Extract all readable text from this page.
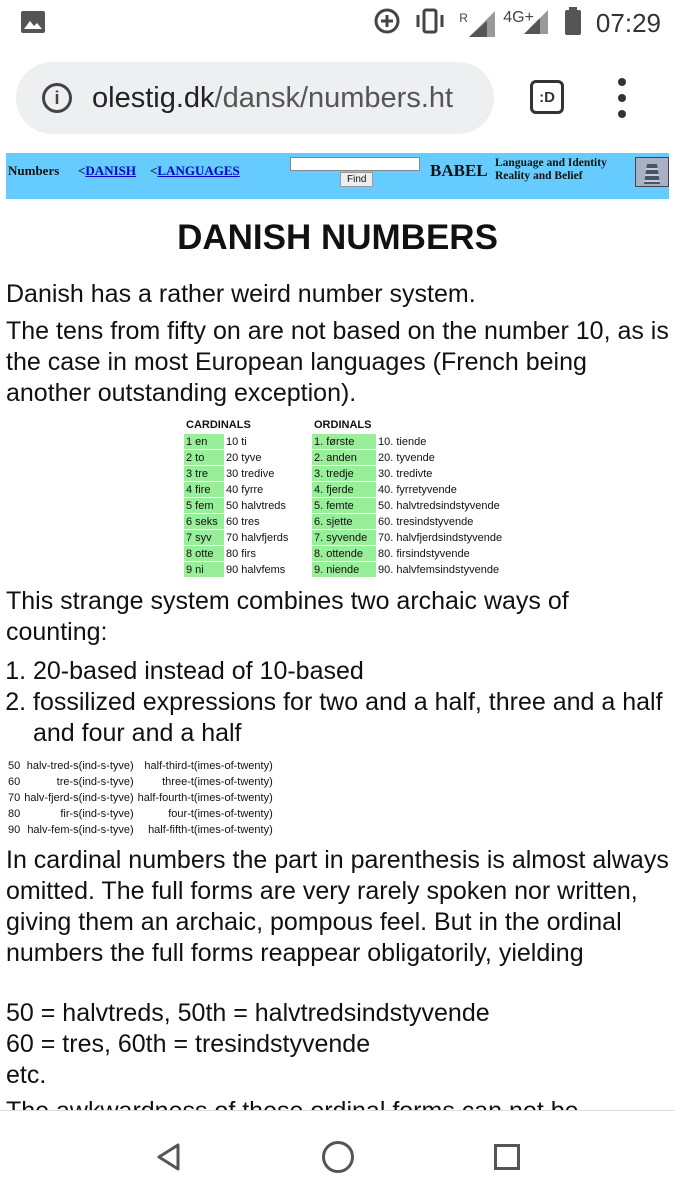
R 4G+ 07:29
i	olestig.dk/dansk/numbers.ht	:D
Numbers <DANISH <LANGUAGES
Find	BABEL Language and Identity
Reality and Belief
DANISH NUMBERS

Danish has a rather weird number system.

The tens from fifty on are not based on the number 10, as is the case in most European languages (French being another outstanding exception).

CARDINALS			ORDINALS	
1 en	10 ti		1. første	10. tiende
2 to	20 tyve		2. anden	20. tyvende
3 tre	30 tredive		3. tredje	30. tredivte
4 fire	40 fyrre		4. fjerde	40. fyrretyvende
5 fem	50 halvtreds		5. femte	50. halvtredsindstyvende
6 seks	60 tres		6. sjette	60. tresindstyvende
7 syv	70 halvfjerds		7. syvende	70. halvfjerdsindstyvende
8 otte	80 firs		8. ottende	80. firsindstyvende
9 ni	90 halvfems		9. niende	90. halvfemsindstyvende

This strange system combines two archaic ways of counting:

1. 20-based instead of 10-based
2. fossilized expressions for two and a half, three and a half and four and a half
50	halv-tred-s(ind-s-tyve)	half-third-t(imes-of-twenty)
60	tre-s(ind-s-tyve)	three-t(imes-of-twenty)
70	halv-fjerd-s(ind-s-tyve)	half-fourth-t(imes-of-twenty)
80	fir-s(ind-s-tyve)	four-t(imes-of-twenty)
90	halv-fem-s(ind-s-tyve)	half-fifth-t(imes-of-twenty)

In cardinal numbers the part in parenthesis is almost always omitted. The full forms are very rarely spoken nor written, giving them an archaic, pompous feel. But in the ordinal numbers the full forms reappear obligatorily, yielding

50 = halvtreds, 50th = halvtredsindstyvende

60 = tres, 60th = tresindstyvende

etc.
